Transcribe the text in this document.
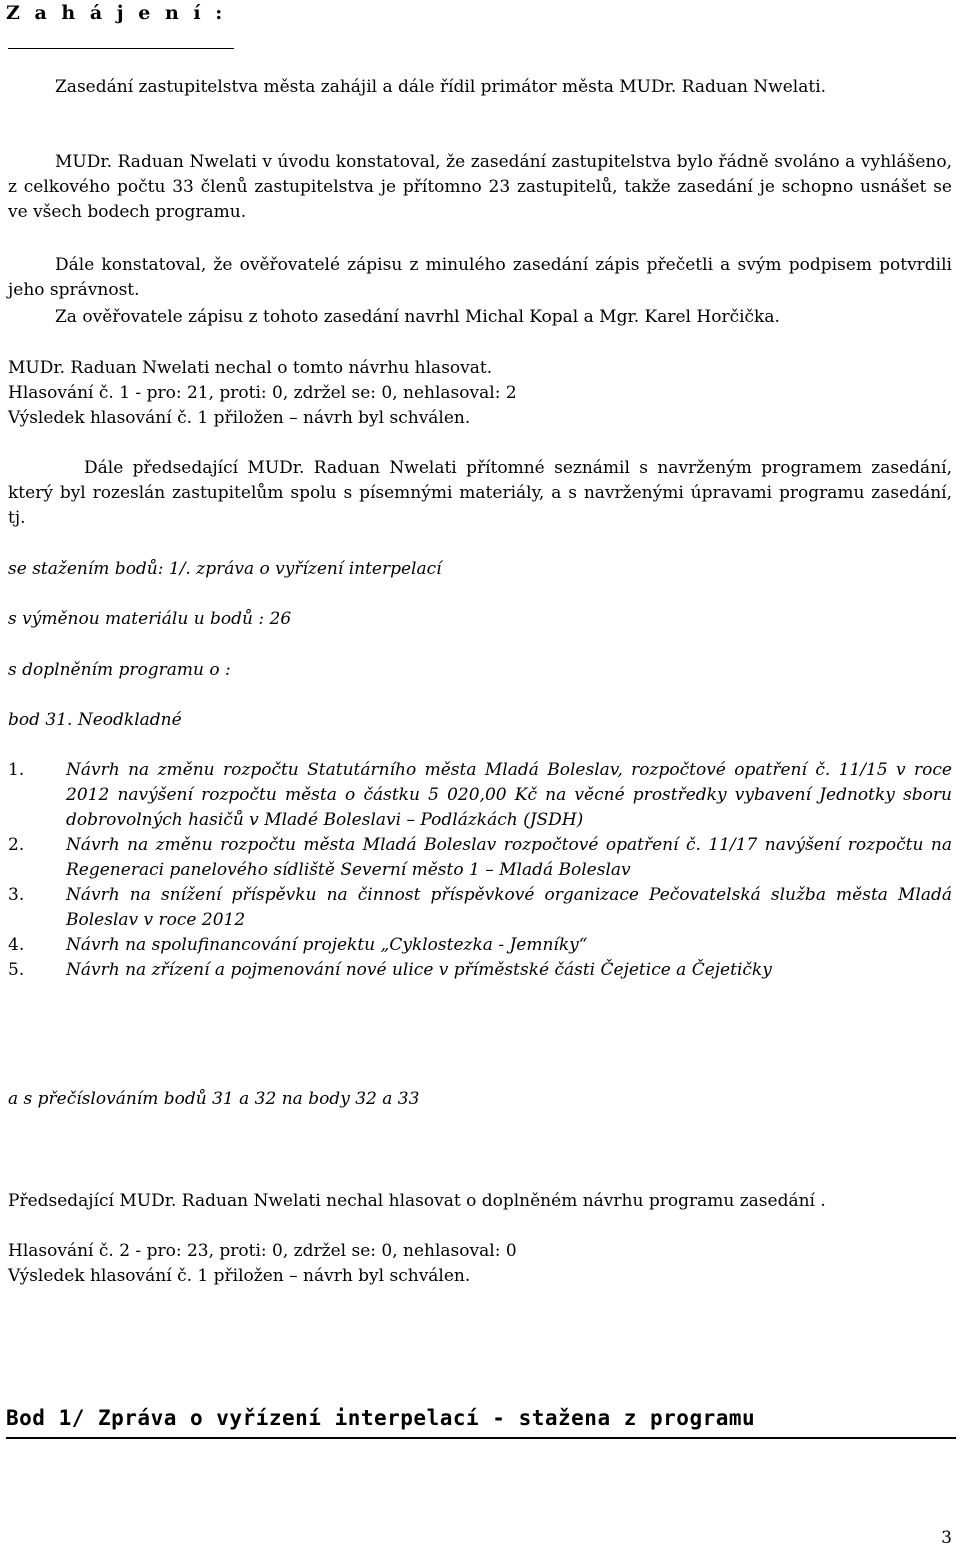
Z a h á j e n í :

Zasedání zastupitelstva města zahájil a dále řídil primátor města MUDr. Raduan Nwelati.

MUDr. Raduan Nwelati v úvodu konstatoval, že zasedání zastupitelstva bylo řádně svoláno a vyhlášeno, z celkového počtu 33 členů zastupitelstva je přítomno 23 zastupitelů, takže zasedání je schopno usnášet se ve všech bodech programu.

Dále konstatoval, že ověřovatelé zápisu z minulého zasedání zápis přečetli a svým podpisem potvrdili jeho správnost.

Za ověřovatele zápisu z tohoto zasedání navrhl Michal Kopal a Mgr. Karel Horčička.

MUDr. Raduan Nwelati nechal o tomto návrhu hlasovat.

Hlasování č. 1 - pro: 21, proti: 0, zdržel se: 0, nehlasoval: 2

Výsledek hlasování č. 1 přiložen – návrh byl schválen.

Dále předsedající MUDr. Raduan Nwelati přítomné seznámil s navrženým programem zasedání, který byl rozeslán zastupitelům spolu s písemnými materiály, a s navrženými úpravami programu zasedání, tj.

se stažením bodů: 1/. zpráva o vyřízení interpelací

s výměnou materiálu u bodů : 26

s doplněním programu o :

bod 31. Neodkladné

1. Návrh na změnu rozpočtu Statutárního města Mladá Boleslav, rozpočtové opatření č. 11/15 v roce 2012 navýšení rozpočtu města o částku 5 020,00 Kč na věcné prostředky vybavení Jednotky sboru dobrovolných hasičů v Mladé Boleslavi – Podlázkách (JSDH)
2. Návrh na změnu rozpočtu města Mladá Boleslav rozpočtové opatření č. 11/17 navýšení rozpočtu na Regeneraci panelového sídliště Severní město 1 – Mladá Boleslav
3. Návrh na snížení příspěvku na činnost příspěvkové organizace Pečovatelská služba města Mladá Boleslav v roce 2012
4. Návrh na spolufinancování projektu „Cyklostezka - Jemníky“
5. Návrh na zřízení a pojmenování nové ulice v příměstské části Čejetice a Čejetičky

a s přečíslováním bodů 31 a 32 na body 32 a 33

Předsedající MUDr. Raduan Nwelati nechal hlasovat o doplněném návrhu programu zasedání .

Hlasování č. 2 - pro: 23, proti: 0, zdržel se: 0, nehlasoval: 0

Výsledek hlasování č. 1 přiložen – návrh byl schválen.

Bod 1/ Zpráva o vyřízení interpelací - stažena z programu

3
